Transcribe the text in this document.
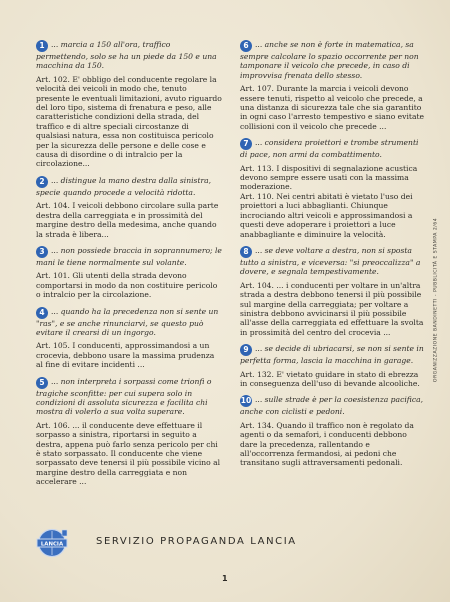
1 ... marcia a 150 all'ora, traffico permettendo, solo se ha un piede da 150 e una macchina da 150.
Art. 102. E' obbligo del conducente regolare la velocità dei veicoli in modo che, tenuto presente le eventuali limitazioni, avuto riguardo del loro tipo, sistema di frenatura e peso, alle caratteristiche condizioni della strada, del traffico e di altre speciali circostanze di qualsiasi natura, essa non costituisca pericolo per la sicurezza delle persone e delle cose e causa di disordine o di intralcio per la circolazione...
2 ... distingue la mano destra dalla sinistra, specie quando procede a velocità ridotta.
Art. 104. I veicoli debbono circolare sulla parte destra della carreggiata e in prossimità del margine destro della medesima, anche quando la strada è libera...
3 ... non possiede braccia in soprannumero; le mani le tiene normalmente sul volante.
Art. 101. Gli utenti della strada devono comportarsi in modo da non costituire pericolo o intralcio per la circolazione.
4 ... quando ha la precedenza non si sente un "ras", e se anche rinunciarvi, se questo può evitare il crearsi di un ingorgo.
Art. 105. I conducenti, approssimandosi a un crocevia, debbono usare la massima prudenza al fine di evitare incidenti ...
5 ... non interpreta i sorpassi come trionfi o tragiche sconfitte: per cui supera solo in condizioni di assoluta sicurezza e facilita chi mostra di volerlo a sua volta superare.
Art. 106. ... il conducente deve effettuare il sorpasso a sinistra, riportarsi in seguito a destra, appena può farlo senza pericolo per chi è stato sorpassato. Il conducente che viene sorpassato deve tenersi il più possibile vicino al margine destro della carreggiata e non accelerare ...
6 ... anche se non è forte in matematica, sa sempre calcolare lo spazio occorrente per non tamponare il veicolo che precede, in caso di improvvisa frenata dello stesso.
Art. 107. Durante la marcia i veicoli devono essere tenuti, rispetto al veicolo che precede, a una distanza di sicurezza tale che sia garantito in ogni caso l'arresto tempestivo e siano evitate collisioni con il veicolo che precede ...
7 ... considera proiettori e trombe strumenti di pace, non armi da combattimento.
Art. 113. I dispositivi di segnalazione acustica devono sempre essere usati con la massima moderazione.
Art. 110. Nei centri abitati è vietato l'uso dei proiettori a luci abbaglianti. Chiunque incrociando altri veicoli e approssimandosi a questi deve adoperare i proiettori a luce anabbagliante e diminuire la velocità.
8 ... se deve voltare a destra, non si sposta tutto a sinistra, e viceversa: "si preoccalizza" a dovere, e segnala tempestivamente.
Art. 104. ... i conducenti per voltare in un'altra strada a destra debbono tenersi il più possibile sul margine della carreggiata; per voltare a sinistra debbono avvicinarsi il più possibile all'asse della carreggiata ed effettuare la svolta in prossimità del centro del crocevia ...
9 ... se decide di ubriacarsi, se non si sente in perfetta forma, lascia la macchina in garage.
Art. 132. E' vietato guidare in stato di ebrezza in conseguenza dell'uso di bevande alcooliche.
10 ... sulle strade è per la coesistenza pacifica, anche con ciclisti e pedoni.
Art. 134. Quando il traffico non è regolato da agenti o da semafori, i conducenti debbono dare la precedenza, rallentando e all'occorrenza fermandosi, ai pedoni che transitano sugli attraversamenti pedonali.
LANCIA	SERVIZIO PROPAGANDA LANCIA
ORGANIZZAZIONE BANDINETTI - PUBBLICITÀ E STAMPA 2/64
1
